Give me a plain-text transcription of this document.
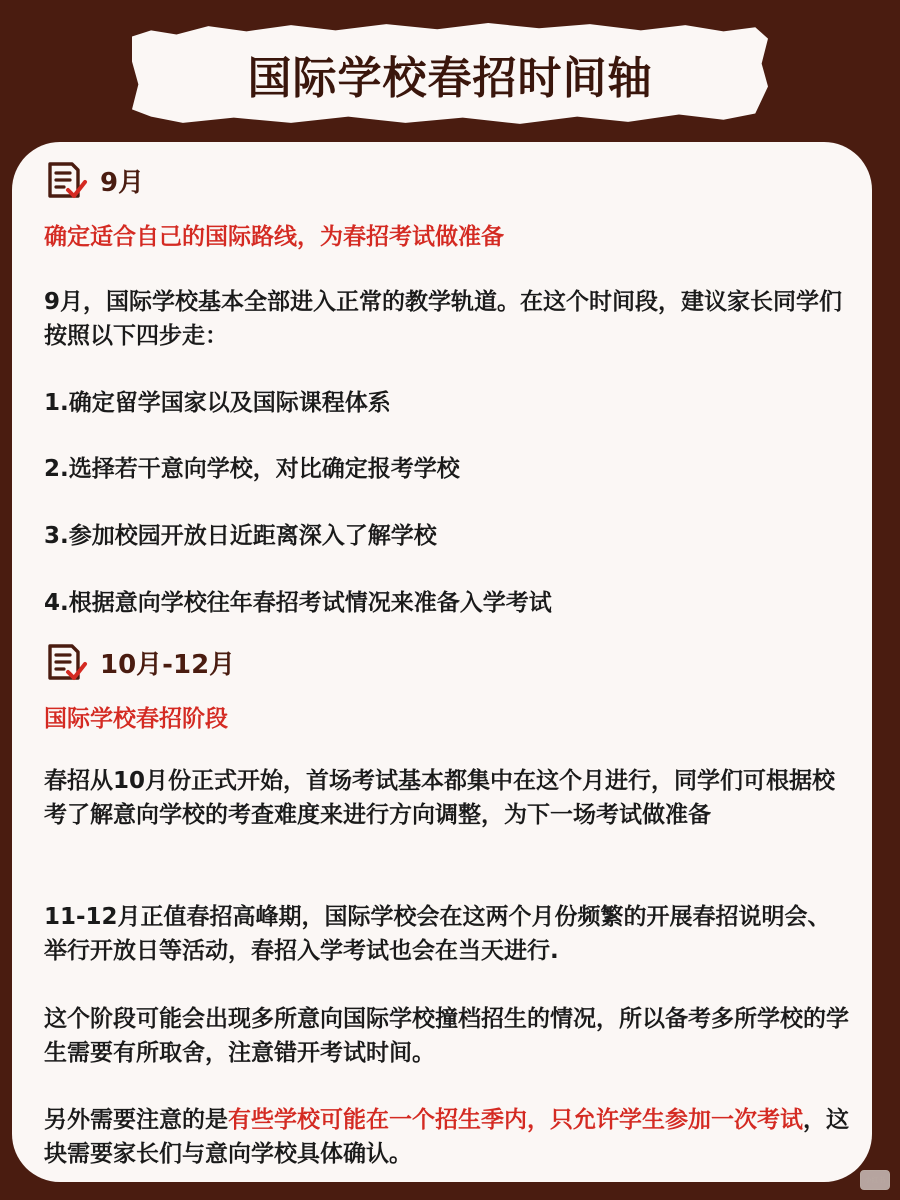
国际学校春招时间轴
9月
确定适合自己的国际路线，为春招考试做准备
9月，国际学校基本全部进入正常的教学轨道。在这个时间段，建议家长同学们按照以下四步走：
1.确定留学国家以及国际课程体系
2.选择若干意向学校，对比确定报考学校
3.参加校园开放日近距离深入了解学校
4.根据意向学校往年春招考试情况来准备入学考试
10月-12月
国际学校春招阶段
春招从10月份正式开始，首场考试基本都集中在这个月进行，同学们可根据校考了解意向学校的考查难度来进行方向调整，为下一场考试做准备
11-12月正值春招高峰期，国际学校会在这两个月份频繁的开展春招说明会、举行开放日等活动，春招入学考试也会在当天进行.
这个阶段可能会出现多所意向国际学校撞档招生的情况，所以备考多所学校的学生需要有所取舍，注意错开考试时间。
另外需要注意的是有些学校可能在一个招生季内，只允许学生参加一次考试，这块需要家长们与意向学校具体确认。
小红书
